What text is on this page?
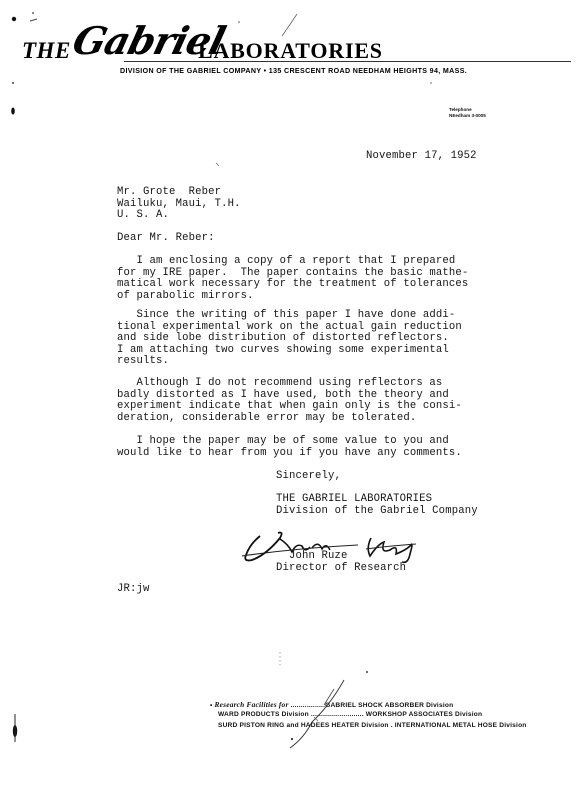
THE
Gabriel
LABORATORIES
DIVISION OF THE GABRIEL COMPANY • 135 CRESCENT ROAD NEEDHAM HEIGHTS 94, MASS.
Telephone
NEedham 3-0005
November 17, 1952
Mr. Grote  Reber
Wailuku, Maui, T.H.
U. S. A.
Dear Mr. Reber:
I am enclosing a copy of a report that I prepared
for my IRE paper.  The paper contains the basic mathe-
matical work necessary for the treatment of tolerances
of parabolic mirrors.
Since the writing of this paper I have done addi-
tional experimental work on the actual gain reduction
and side lobe distribution of distorted reflectors.
I am attaching two curves showing some experimental
results.
Although I do not recommend using reflectors as
badly distorted as I have used, both the theory and
experiment indicate that when gain only is the consi-
deration, considerable error may be tolerated.
I hope the paper may be of some value to you and
would like to hear from you if you have any comments.
Sincerely,
THE GABRIEL LABORATORIES
Division of the Gabriel Company
John Ruze
Director of Research
JR:jw
• Research Facilities for .................GABRIEL SHOCK ABSORBER Division
WARD PRODUCTS Division .......................... WORKSHOP ASSOCIATES Division
SURD PISTON RING and HADEES HEATER Division . INTERNATIONAL METAL HOSE Division
